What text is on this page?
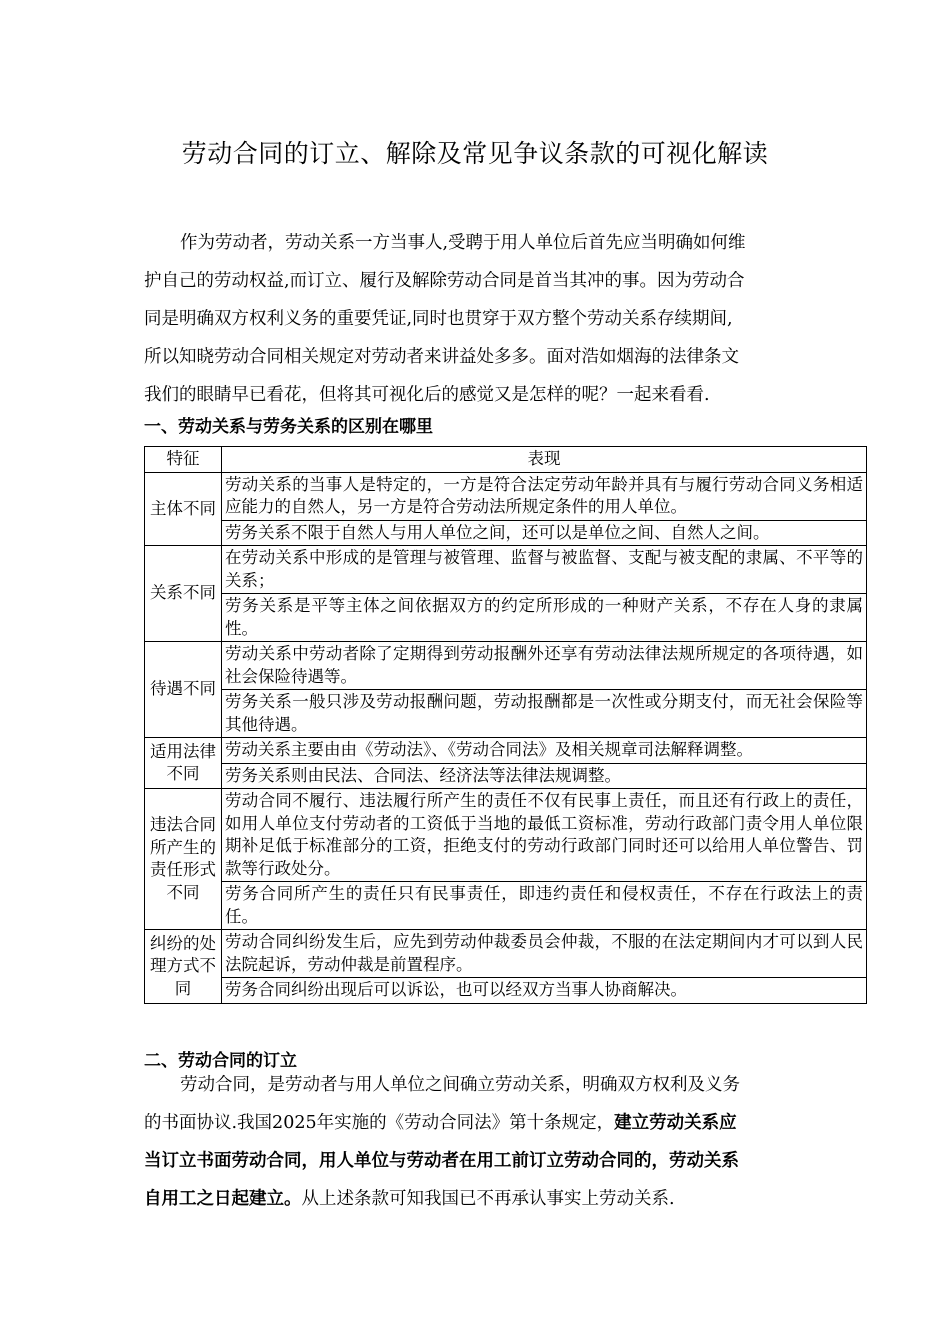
劳动合同的订立、解除及常见争议条款的可视化解读
作为劳动者，劳动关系一方当事人,受聘于用人单位后首先应当明确如何维
护自己的劳动权益,而订立、履行及解除劳动合同是首当其冲的事。因为劳动合
同是明确双方权利义务的重要凭证,同时也贯穿于双方整个劳动关系存续期间,
所以知晓劳动合同相关规定对劳动者来讲益处多多。面对浩如烟海的法律条文
我们的眼睛早已看花，但将其可视化后的感觉又是怎样的呢？一起来看看.
一、劳动关系与劳务关系的区别在哪里
特征	表现
主体不同	劳动关系的当事人是特定的，一方是符合法定劳动年龄并具有与履行劳动合同义务相适应能力的自然人，另一方是符合劳动法所规定条件的用人单位。
	劳务关系不限于自然人与用人单位之间，还可以是单位之间、自然人之间。
关系不同	在劳动关系中形成的是管理与被管理、监督与被监督、支配与被支配的隶属、不平等的关系；
	劳务关系是平等主体之间依据双方的约定所形成的一种财产关系，不存在人身的隶属性。
待遇不同	劳动关系中劳动者除了定期得到劳动报酬外还享有劳动法律法规所规定的各项待遇，如社会保险待遇等。
	劳务关系一般只涉及劳动报酬问题，劳动报酬都是一次性或分期支付，而无社会保险等其他待遇。
适用法律不同	劳动关系主要由由《劳动法》、《劳动合同法》及相关规章司法解释调整。
	劳务关系则由民法、合同法、经济法等法律法规调整。
违法合同所产生的责任形式不同	劳动合同不履行、违法履行所产生的责任不仅有民事上责任，而且还有行政上的责任，如用人单位支付劳动者的工资低于当地的最低工资标准，劳动行政部门责令用人单位限期补足低于标准部分的工资，拒绝支付的劳动行政部门同时还可以给用人单位警告、罚款等行政处分。
	劳务合同所产生的责任只有民事责任，即违约责任和侵权责任，不存在行政法上的责任。
纠纷的处理方式不同	劳动合同纠纷发生后，应先到劳动仲裁委员会仲裁，不服的在法定期间内才可以到人民法院起诉，劳动仲裁是前置程序。
	劳务合同纠纷出现后可以诉讼，也可以经双方当事人协商解决。
二、劳动合同的订立
劳动合同，是劳动者与用人单位之间确立劳动关系，明确双方权利及义务
的书面协议.我国2025年实施的《劳动合同法》第十条规定，建立劳动关系应
当订立书面劳动合同，用人单位与劳动者在用工前订立劳动合同的，劳动关系
自用工之日起建立。从上述条款可知我国已不再承认事实上劳动关系.
